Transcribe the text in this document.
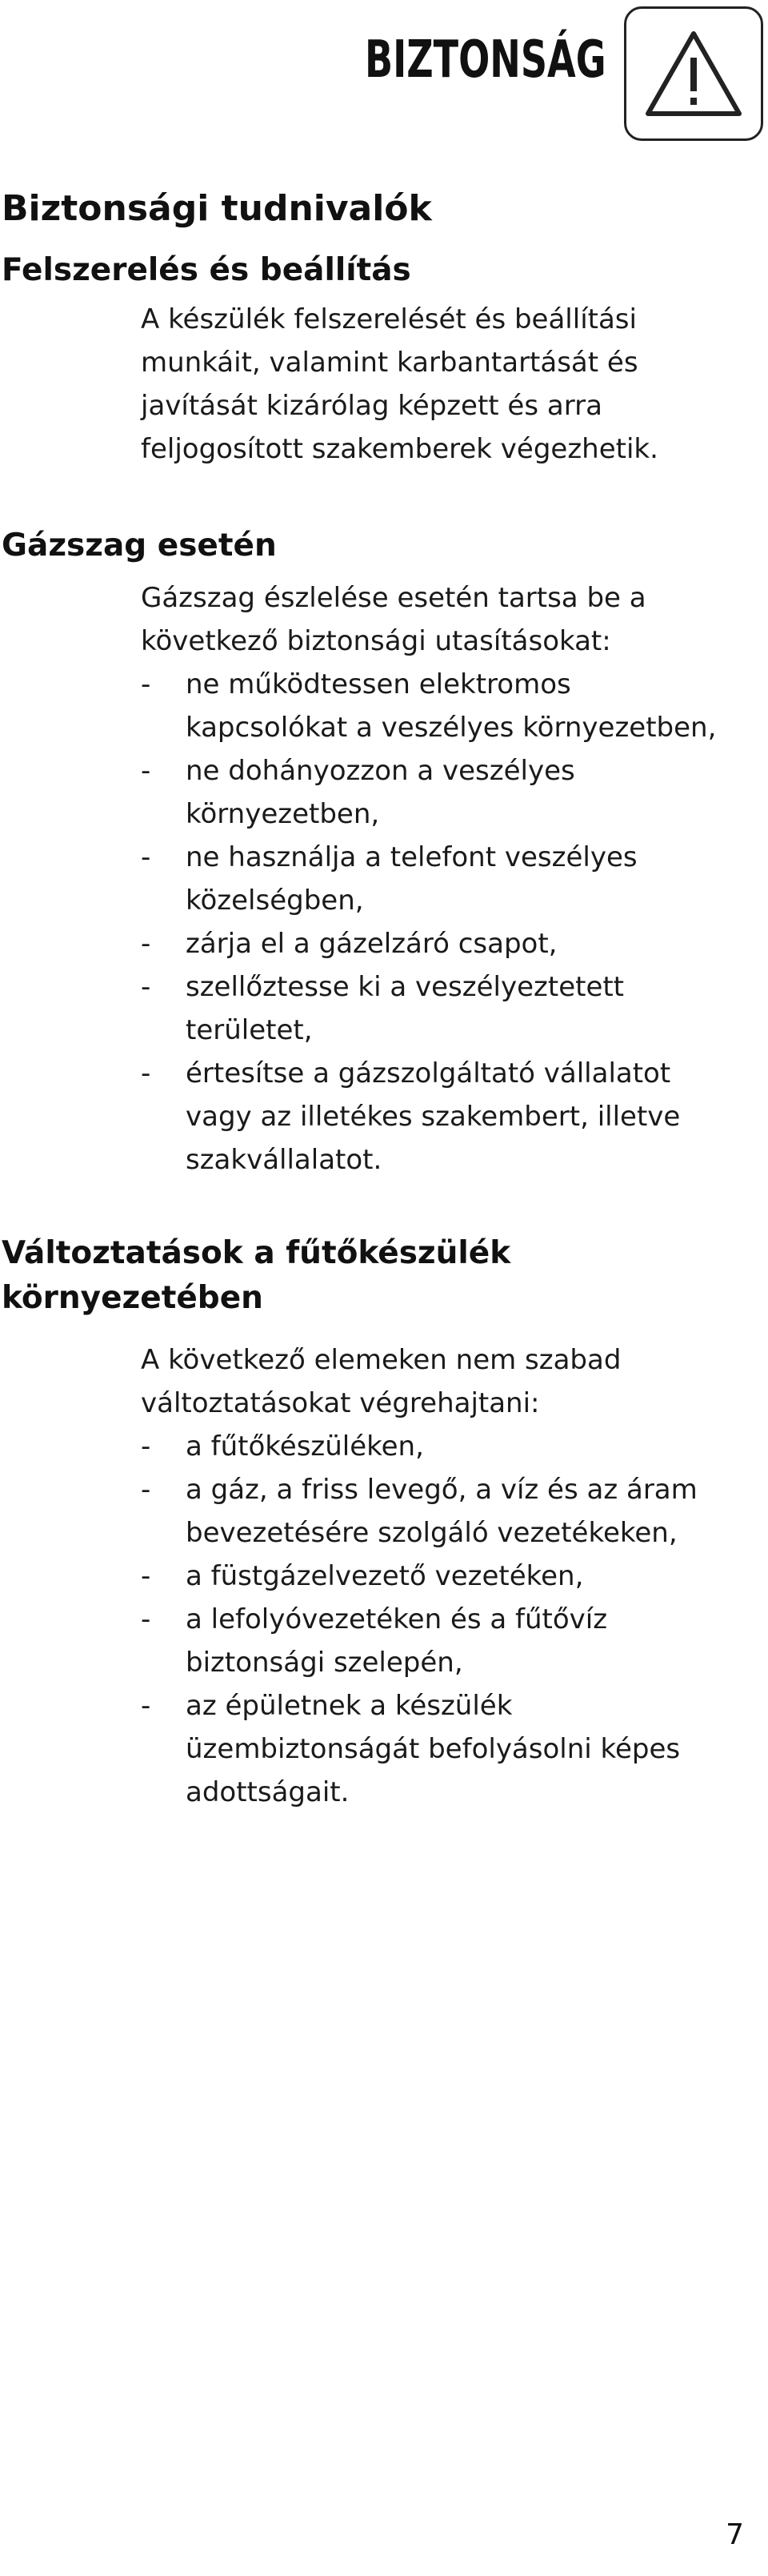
BIZTONSÁG
Biztonsági tudnivalók
Felszerelés és beállítás
A készülék felszerelését és beállítási munkáit, valamint karbantartását és javítását kizárólag képzett és arra feljogosított szakemberek végezhetik.
Gázszag esetén
Gázszag észlelése esetén tartsa be a következő biztonsági utasításokat:
- ne működtessen elektromos kapcsolókat a veszélyes környezetben,
- ne dohányozzon a veszélyes környezetben,
- ne használja a telefont veszélyes közelségben,
- zárja el a gázelzáró csapot,
- szellőztesse ki a veszélyeztetett területet,
- értesítse a gázszolgáltató vállalatot vagy az illetékes szakembert, illetve szakvállalatot.
Változtatások a fűtőkészülék környezetében
A következő elemeken nem szabad változtatásokat végrehajtani:
- a fűtőkészüléken,
- a gáz, a friss levegő, a víz és az áram bevezetésére szolgáló vezetékeken,
- a füstgázelvezető vezetéken,
- a lefolyóvezetéken és a fűtővíz biztonsági szelepén,
- az épületnek a készülék üzembiztonságát befolyásolni képes adottságait.
7
